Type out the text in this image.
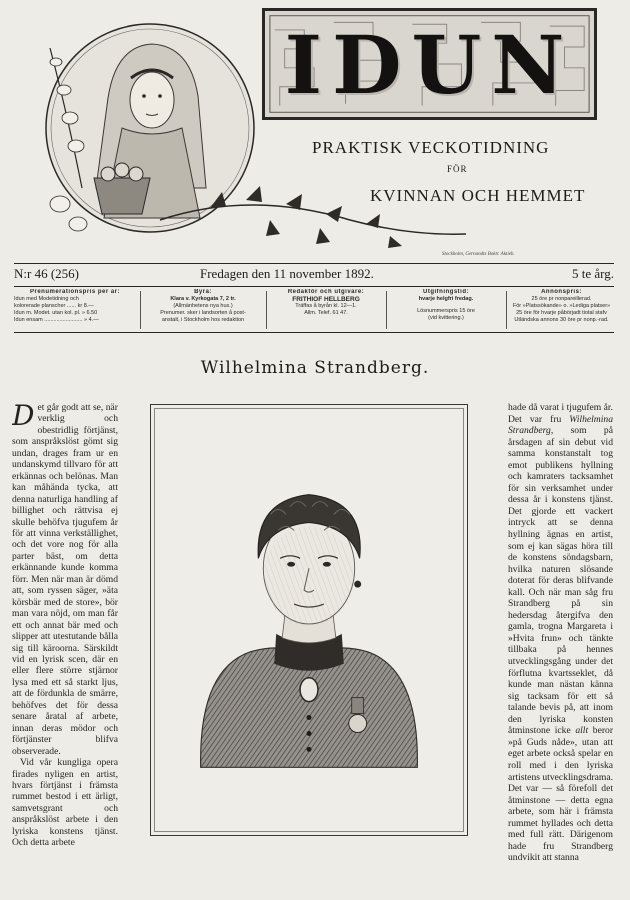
IDUN
PRAKTISK VECKOTIDNING
FÖR
KVINNAN OCH HEMMET
Stockholm, Gernandts Boktr. Aktieb.
N:r 46 (256)	Fredagen den 11 november 1892.	5 te årg.
Prenumerationspris per år:
Idun med Modetidning och
kolorerade planscher ...... kr 8.—
Idun m. Modet. utan kol. pl. » 6.50
Idun ensam ......................... » 4.—
Byrå:
Klara v. Kyrkogata 7, 2 tr.
(Allmänhetens nya hus.)
Prenumer. sker i landsorten å post-
anstalt, i Stockholm hos redaktion
Redaktör och utgivare:
FRITHIOF HELLBERG
Träffas å byrån kl. 12—1.
Allm. Telef. 61 47.
Utgifningstid:
hvarje helgfri fredag.
Lösnummerspris 15 öre
(vid kvittering.)
Annonspris:
25 öre pr nonpareillerad.
För »Platssökande» o. »Lediga platser»
25 öre för hvarje påbörjadt tiotal stafv
Utländska annons 30 öre pr nonp.-rad.
Wilhelmina Strandberg.

Det går godt att se, när verklig och obestridlig förtjänst, som anspråkslöst gömt sig undan, drages fram ur en undanskymd tillvaro för att erkännas och belönas. Man kan måhända tycka, att denna naturliga handling af billighet och rättvisa ej skulle behöfva tjugufem år för att vinna verkställighet, och det vore nog för alla parter bäst, om detta erkännande kunde komma förr. Men när man är dömd att, som ryssen säger, »äta körsbär med de store», bör man vara nöjd, om man får ett och annat bär med och slipper att utestutande bålla sig till käroorna. Särskildt vid en lyrisk scen, där en eller flere större stjärnor lysa med ett så starkt ljus, att de fördunkla de smärre, behöfves det för dessa senare åratal af arbete, innan deras mödor och förtjänster blifva observerade.

Vid vår kungliga opera firades nyligen en artist, hvars förtjänst i främsta rummet bestod i ett ärligt, samvetsgrant och anspråkslöst arbete i den lyriska konstens tjänst. Och detta arbete

hade då varat i tjugufem år. Det var fru Wilhelmina Strandberg, som på årsdagen af sin debut vid samma konstanstalt tog emot publikens hyllning och kamraters tacksamhet för sin verksamhet under dessa år i konstens tjänst. Det gjorde ett vackert intryck att se denna hyllning ägnas en artist, som ej kan sägas höra till de konstens söndagsbarn, hvilka naturen slösande doterat för deras blifvande kall. Och när man såg fru Strandberg på sin hedersdag återgifva den gamla, trogna Margareta i »Hvita frun» och tänkte tillbaka på hennes utvecklingsgång under det förflutna kvartsseklet, då kunde man nästan känna sig tacksam för ett så talande bevis på, att inom den lyriska konsten åtminstone icke allt beror »på Guds nåde», utan att eget arbete också spelar en roll med i den lyriska artistens utvecklingsdrama. Det var — så förefoll det åtminstone — detta egna arbete, som här i främsta rummet hyllades och detta med full rätt. Därigenom hade fru Strandberg undvikit att stanna
